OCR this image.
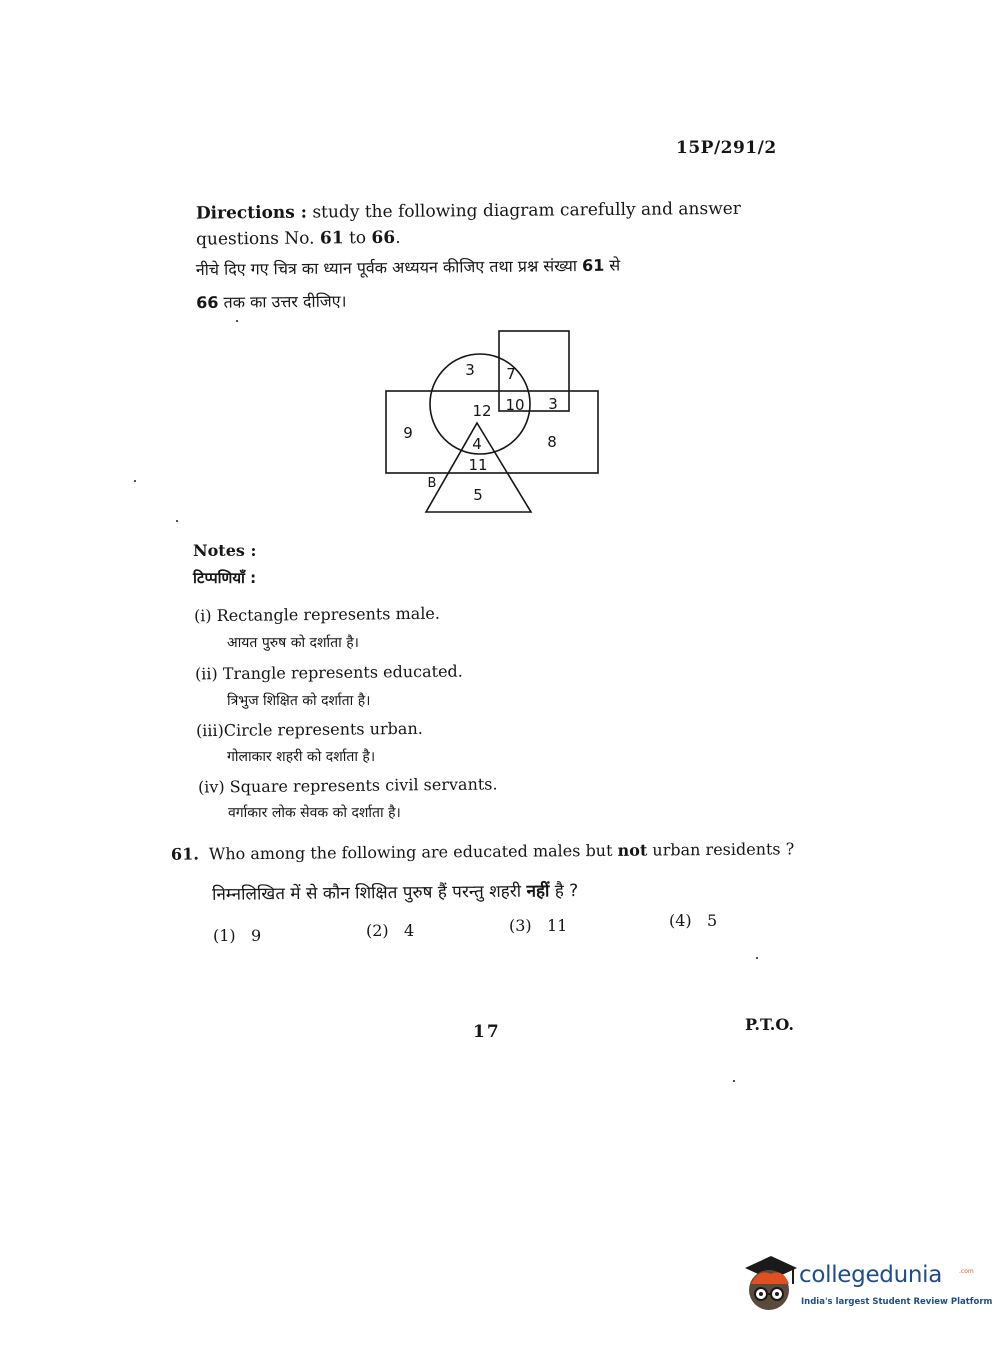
15P/291/2
Directions : study the following diagram carefully and answer questions No. 61 to 66.
नीचे दिए गए चित्र का ध्यान पूर्वक अध्ययन कीजिए तथा प्रश्न संख्या 61 से
66 तक का उत्तर दीजिए।
3 7
12 10 3
9	8
4
11
5
B
Notes :
टिप्पणियाँ :
(i) Rectangle represents male.
आयत पुरुष को दर्शाता है।
(ii) Trangle represents educated.
त्रिभुज शिक्षित को दर्शाता है।
(iii)Circle represents urban.
गोलाकार शहरी को दर्शाता है।
(iv) Square represents civil servants.
वर्गाकार लोक सेवक को दर्शाता है।
61. Who among the following are educated males but not urban residents ?
निम्नलिखित में से कौन शिक्षित पुरुष हैं परन्तु शहरी नहीं है ?
(1) 9	(2) 4	(3) 11	(4) 5
17	P.T.O.
collegedunia	.com
India's largest Student Review Platform
